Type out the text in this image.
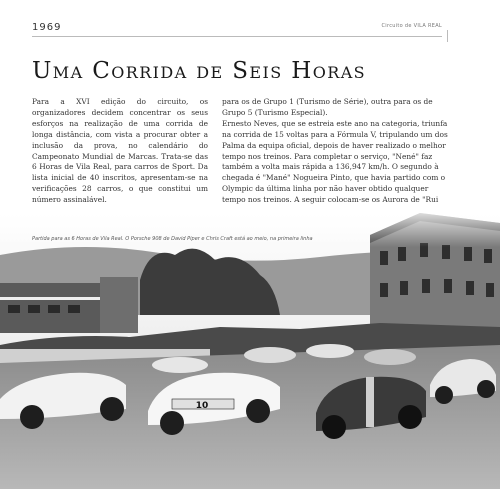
1969	Circuito de VILA REAL
Uma Corrida de Seis Horas

Para a XVI edição do circuito, os organizadores decidem concentrar os seus esforços na realização de uma corrida de longa distância, com vista a procurar obter a inclusão da prova, no calendário do Campeonato Mundial de Marcas. Trata-se das 6 Horas de Vila Real, para carros de Sport. Da lista inicial de 40 inscritos, apresentam-se na verificações 28 carros, o que constitui um número assinalável.

para os de Grupo 1 (Turismo de Série), outra para os de Grupo 5 (Turismo Especial).

Ernesto Neves, que se estreia este ano na categoria, triunfa na corrida de 15 voltas para a Fórmula V, tripulando um dos Palma da equipa oficial, depois de haver realizado o melhor tempo nos treinos. Para completar o serviço, "Nené" faz também a volta mais rápida a 136,947 km/h. O segundo à chegada é "Mané" Nogueira Pinto, que havia partido com o Olympic da última linha por não haver obtido qualquer tempo nos treinos. A seguir colocam-se os Aurora de "Rui

10
Partida para as 6 Horas de Vila Real. O Porsche 908 de David Piper e Chris Craft está ao meio, na primeira linha
